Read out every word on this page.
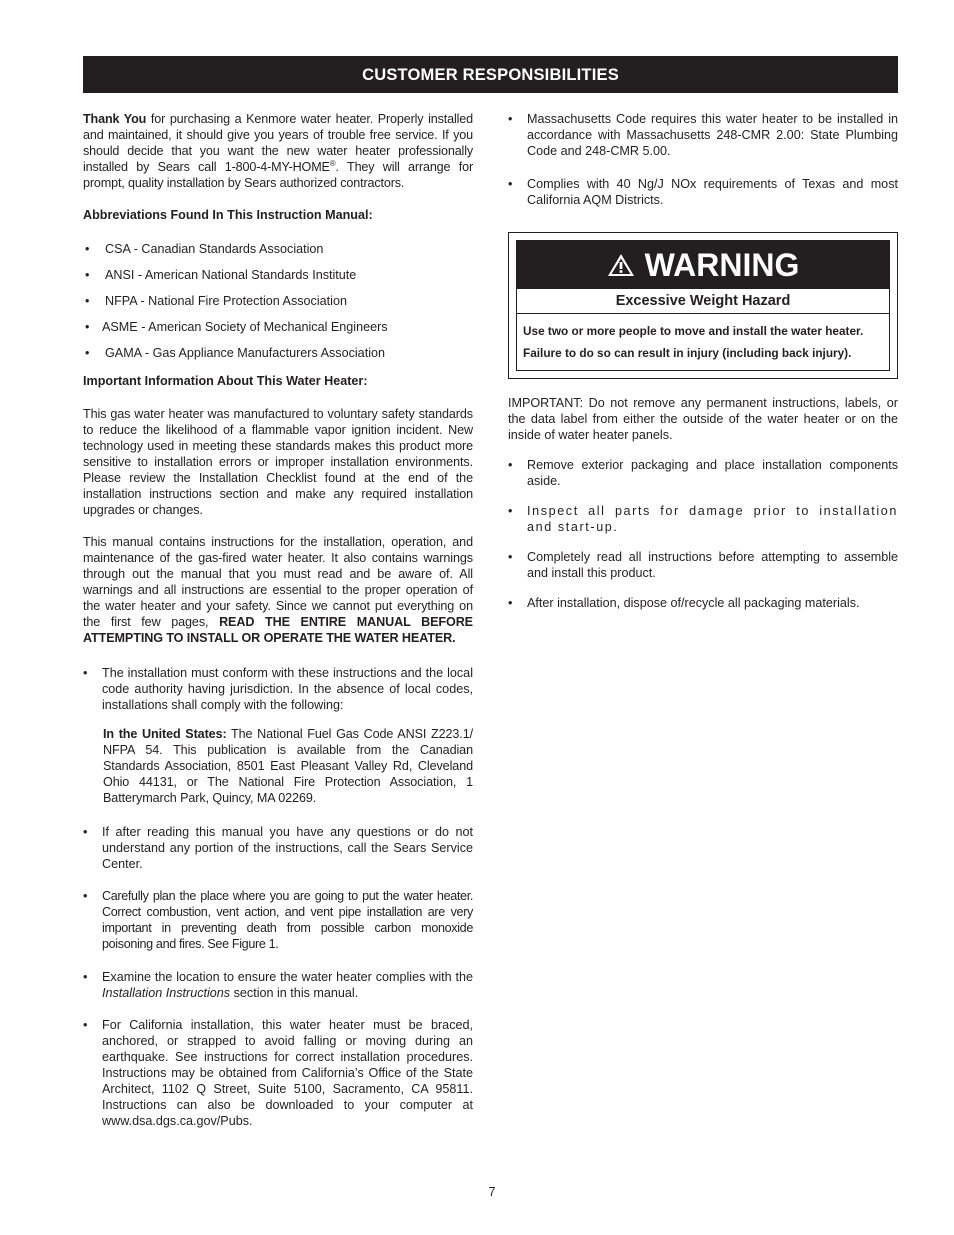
CUSTOMER RESPONSIBILITIES

Thank You for purchasing a Kenmore water heater. Properly installed and maintained, it should give you years of trouble free service. If you should decide that you want the new water heater professionally installed by Sears call 1-800-4-MY-HOME®. They will arrange for prompt, quality installation by Sears authorized contractors.

Abbreviations Found In This Instruction Manual:

• CSA - Canadian Standards Association
• ANSI - American National Standards Institute
• NFPA - National Fire Protection Association
• ASME - American Society of Mechanical Engineers
• GAMA - Gas Appliance Manufacturers Association

Important Information About This Water Heater:

This gas water heater was manufactured to voluntary safety standards to reduce the likelihood of a flammable vapor ignition incident. New technology used in meeting these standards makes this product more sensitive to installation errors or improper installation environments. Please review the Installation Checklist found at the end of the installation instructions section and make any required installation upgrades or changes.

This manual contains instructions for the installation, operation, and maintenance of the gas-fired water heater. It also contains warnings through out the manual that you must read and be aware of. All warnings and all instructions are essential to the proper operation of the water heater and your safety. Since we cannot put everything on the first few pages, READ THE ENTIRE MANUAL BEFORE ATTEMPTING TO INSTALL OR OPERATE THE WATER HEATER.

• The installation must conform with these instructions and the local code authority having jurisdiction. In the absence of local codes, installations shall comply with the following:

In the United States: The National Fuel Gas Code ANSI Z223.1/ NFPA 54. This publication is available from the Canadian Standards Association, 8501 East Pleasant Valley Rd, Cleveland Ohio 44131, or The National Fire Protection Association, 1 Batterymarch Park, Quincy, MA 02269.

• If after reading this manual you have any questions or do not understand any portion of the instructions, call the Sears Service Center.
• Carefully plan the place where you are going to put the water heater. Correct combustion, vent action, and vent pipe installation are very important in preventing death from possible carbon monoxide poisoning and fires. See Figure 1.
• Examine the location to ensure the water heater complies with the Installation Instructions section in this manual.
• For California installation, this water heater must be braced, anchored, or strapped to avoid falling or moving during an earthquake. See instructions for correct installation procedures. Instructions may be obtained from California’s Office of the State Architect, 1102 Q Street, Suite 5100, Sacramento, CA 95811. Instructions can also be downloaded to your computer at www.dsa.dgs.ca.gov/Pubs.
• Massachusetts Code requires this water heater to be installed in accordance with Massachusetts 248-CMR 2.00: State Plumbing Code and 248-CMR 5.00.
• Complies with 40 Ng/J NOx requirements of Texas and most California AQM Districts.
WARNING
Excessive Weight Hazard
Use two or more people to move and install the water heater.
Failure to do so can result in injury (including back injury).

IMPORTANT: Do not remove any permanent instructions, labels, or the data label from either the outside of the water heater or on the inside of water heater panels.

• Remove exterior packaging and place installation components aside.
• Inspect all parts for damage prior to installation and start-up.
• Completely read all instructions before attempting to assemble and install this product.
• After installation, dispose of/recycle all packaging materials.
7
